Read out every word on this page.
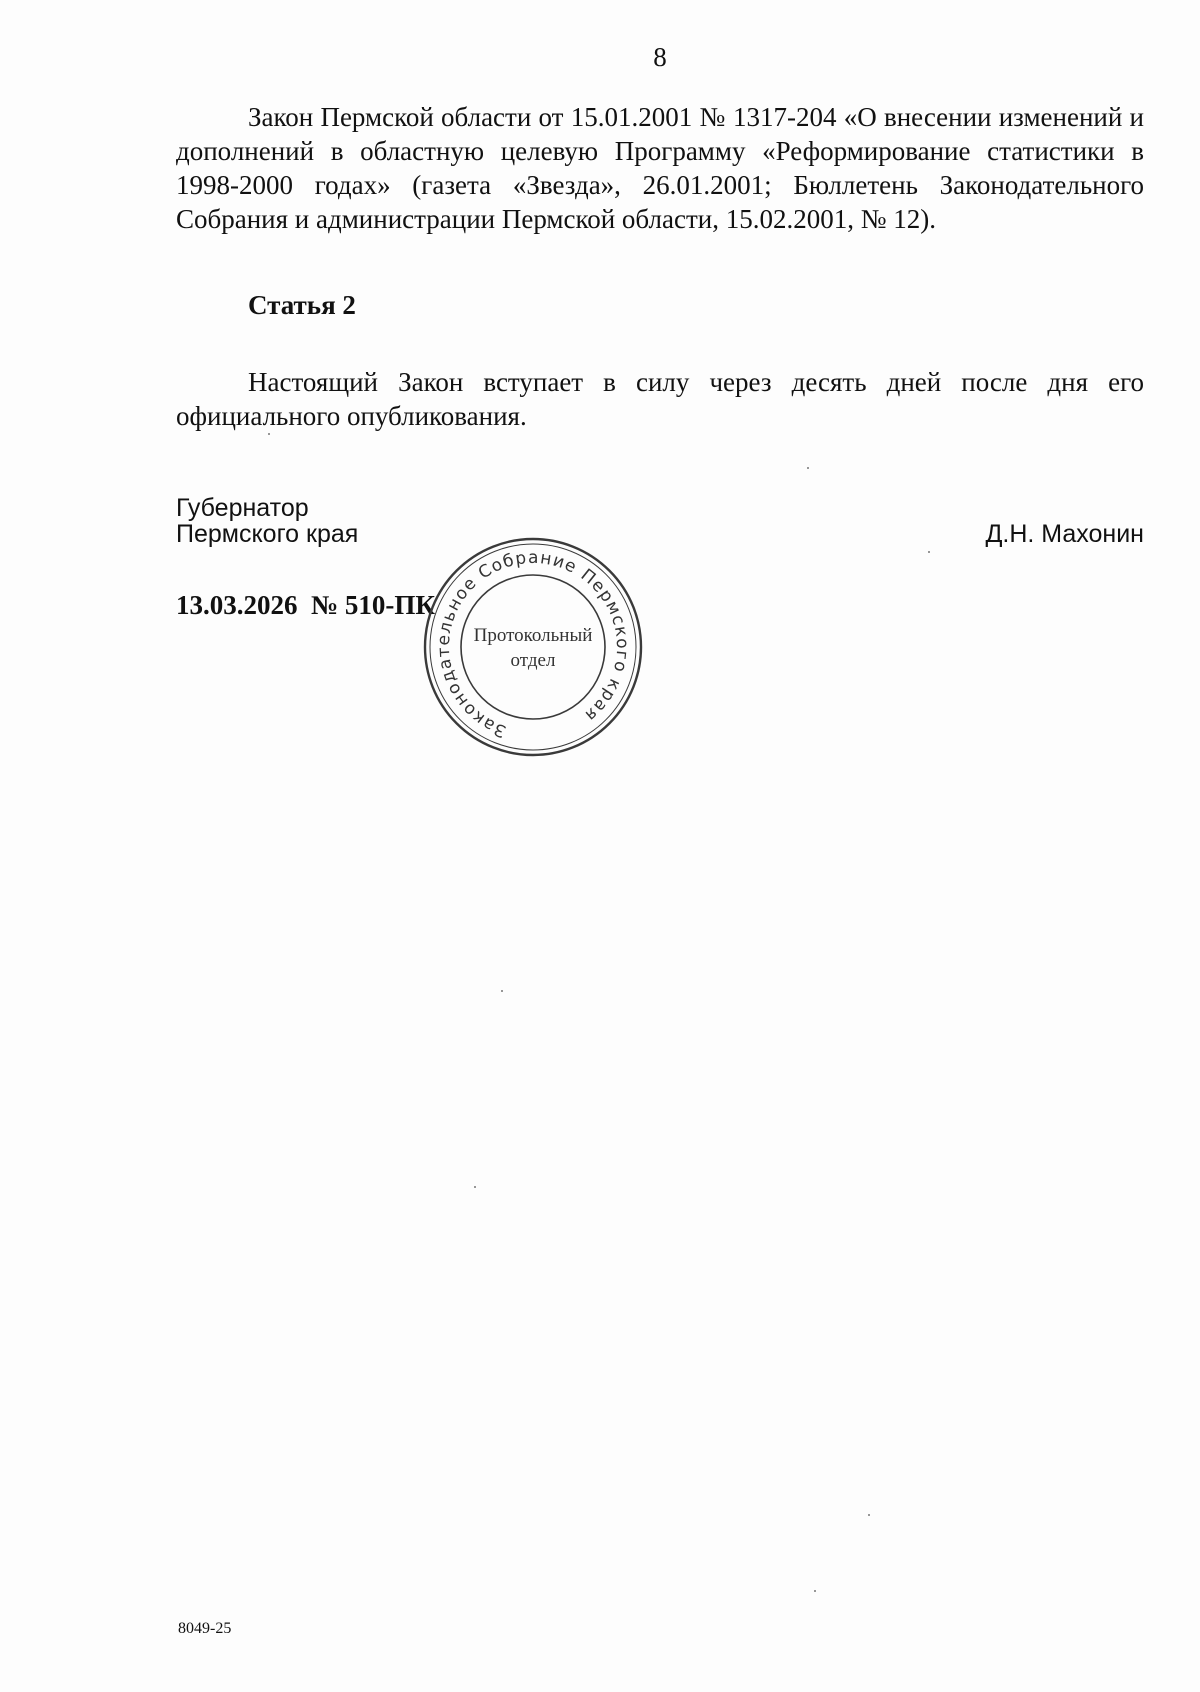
8

Закон Пермской области от 15.01.2001 № 1317-204 «О внесении изменений и дополнений в областную целевую Программу «Реформирование статистики в 1998-2000 годах» (газета «Звезда», 26.01.2001; Бюллетень Законодательного Собрания и администрации Пермской области, 15.02.2001, № 12).

Статья 2

Настоящий Закон вступает в силу через десять дней после дня его официального опубликования.

Губернатор
Пермского края	Д.Н. Махонин
13.03.2026  № 510-ПК
Законодательное Собрание Пермского края
Протокольный
отдел
8049-25
